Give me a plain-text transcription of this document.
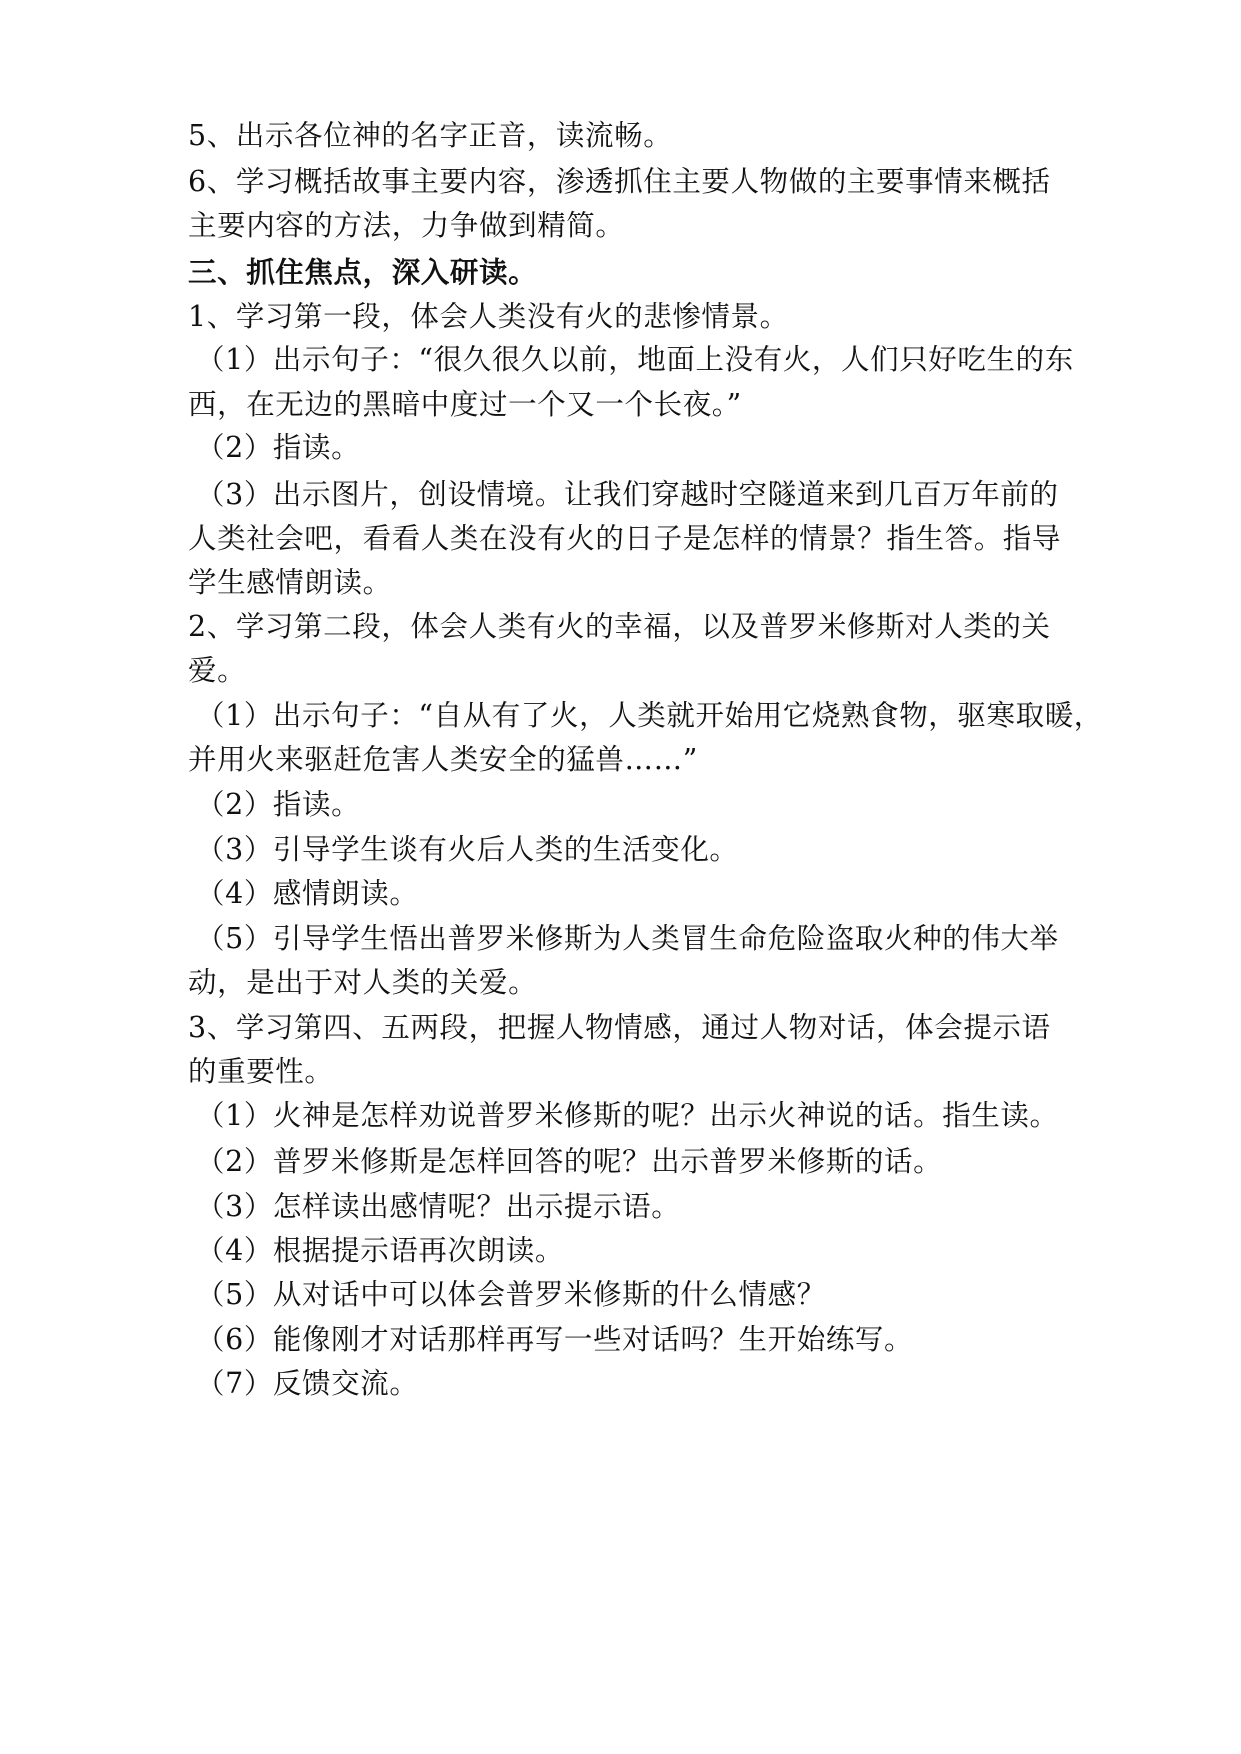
5、出示各位神的名字正音，读流畅。
6、学习概括故事主要内容，渗透抓住主要人物做的主要事情来概括
主要内容的方法，力争做到精简。
三、抓住焦点，深入研读。
1、学习第一段，体会人类没有火的悲惨情景。
（1）出示句子：“很久很久以前，地面上没有火，人们只好吃生的东
西，在无边的黑暗中度过一个又一个长夜。”
（2）指读。
（3）出示图片，创设情境。让我们穿越时空隧道来到几百万年前的
人类社会吧，看看人类在没有火的日子是怎样的情景？指生答。指导
学生感情朗读。
2、学习第二段，体会人类有火的幸福，以及普罗米修斯对人类的关
爱。
（1）出示句子：“自从有了火，人类就开始用它烧熟食物，驱寒取暖，
并用火来驱赶危害人类安全的猛兽……”
（2）指读。
（3）引导学生谈有火后人类的生活变化。
（4）感情朗读。
（5）引导学生悟出普罗米修斯为人类冒生命危险盗取火种的伟大举
动，是出于对人类的关爱。
3、学习第四、五两段，把握人物情感，通过人物对话，体会提示语
的重要性。
（1）火神是怎样劝说普罗米修斯的呢？出示火神说的话。指生读。
（2）普罗米修斯是怎样回答的呢？出示普罗米修斯的话。
（3）怎样读出感情呢？出示提示语。
（4）根据提示语再次朗读。
（5）从对话中可以体会普罗米修斯的什么情感？
（6）能像刚才对话那样再写一些对话吗？生开始练写。
（7）反馈交流。
